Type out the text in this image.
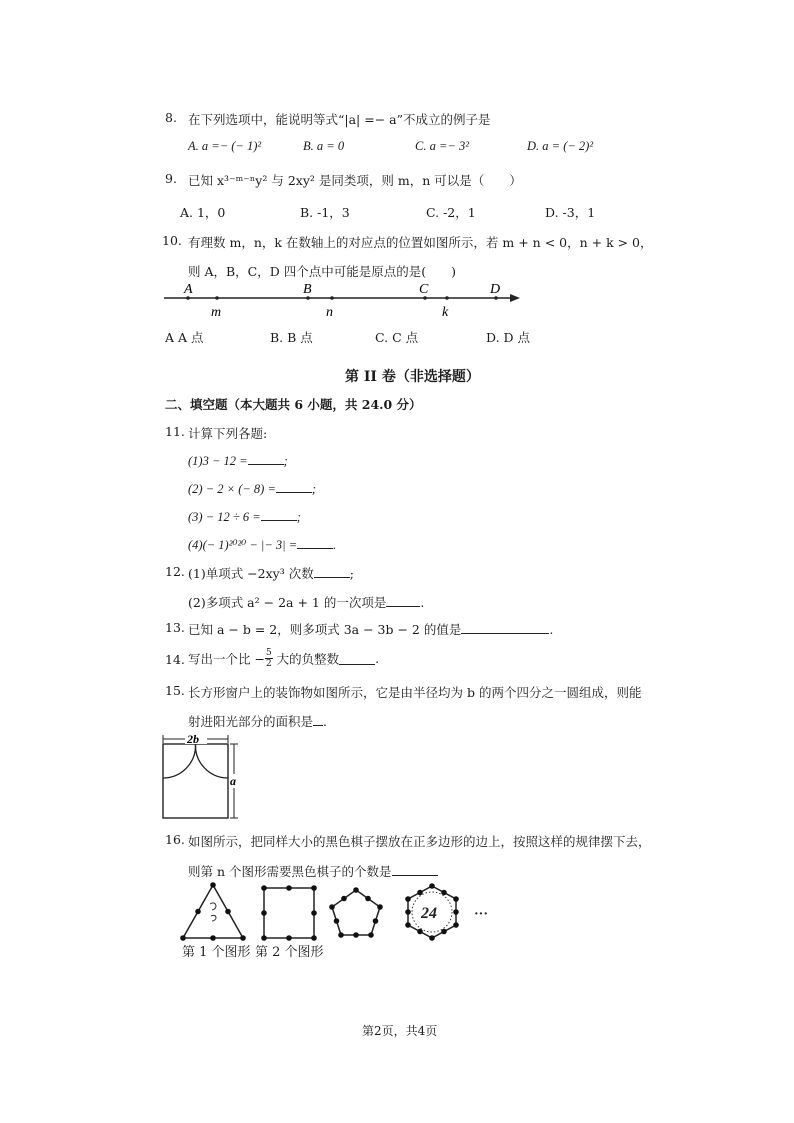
8. 在下列选项中，能说明等式“|a| =− a”不成立的例子是
A. a =− (− 1)²	B. a = 0	C. a =− 3²	D. a = (− 2)²
9. 已知 x³⁻ᵐ⁻ⁿy² 与 2xy² 是同类项，则 m，n 可以是（　　）
A. 1，0	B. -1，3	C. -2，1	D. -3，1
10. 有理数 m，n，k 在数轴上的对应点的位置如图所示，若 m + n < 0，n + k > 0，
则 A，B，C，D 四个点中可能是原点的是(　　)
A	B	C	D
m	n	k
A A 点	B. B 点	C. C 点	D. D 点
第 II 卷（非选择题）
二、填空题（本大题共 6 小题，共 24.0 分）
11. 计算下列各题:
(1)3 − 12 =	;
(2) − 2 × (− 8) =	;
(3) − 12 ÷ 6 =	;
(4)(− 1)²⁰²⁰ − |− 3| =	.
12. (1)单项式 −2xy³ 次数	;
(2)多项式 a² − 2a + 1 的一次项是	.
13. 已知 a − b = 2，则多项式 3a − 3b − 2 的值是	.
14. 写出一个比 − $\frac{5}{2}$ 大的负整数	.
15. 长方形窗户上的装饰物如图所示，它是由半径均为 b 的两个四分之一圆组成，则能
射进阳光部分的面积是 .
2b
a
16. 如图所示，把同样大小的黑色棋子摆放在正多边形的边上，按照这样的规律摆下去，
则第 n 个图形需要黑色棋子的个数是
24	···
第 1 个图形 第 2 个图形
第2页，共4页
